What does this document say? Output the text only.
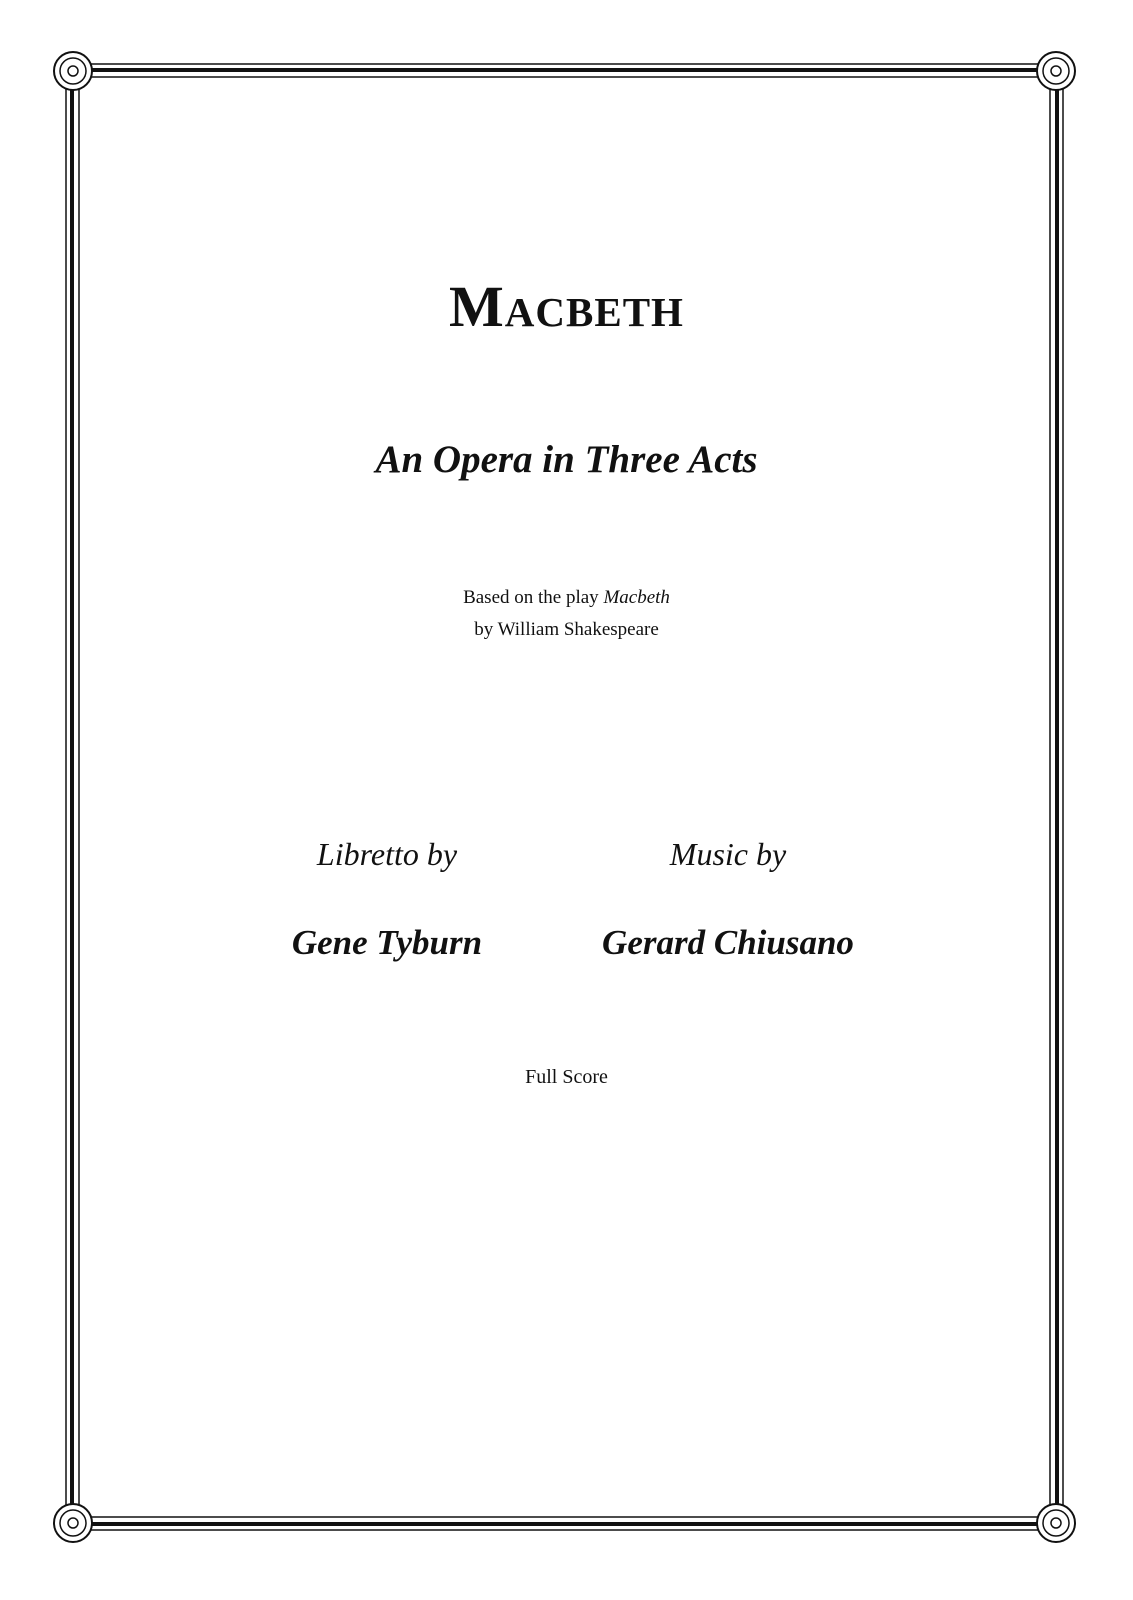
Macbeth
An Opera in Three Acts
Based on the play Macbeth
by William Shakespeare
Libretto by
Gene Tyburn
Music by
Gerard Chiusano
Full Score
